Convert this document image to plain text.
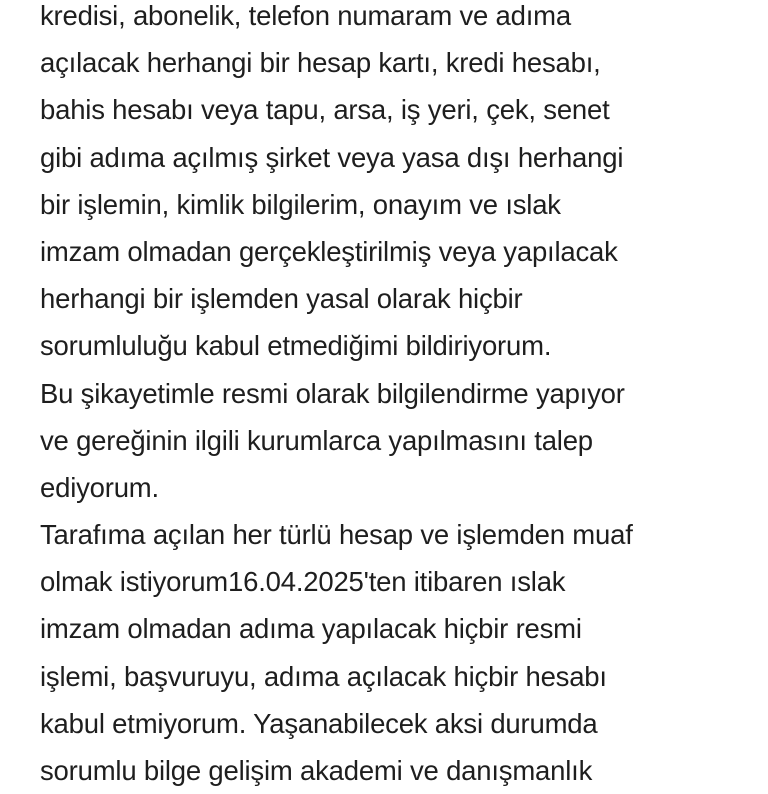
kredisi, abonelik, telefon numaram ve adıma
açılacak herhangi bir hesap kartı, kredi hesabı,
bahis hesabı veya tapu, arsa, iş yeri, çek, senet
gibi adıma açılmış şirket veya yasa dışı herhangi
bir işlemin, kimlik bilgilerim, onayım ve ıslak
imzam olmadan gerçekleştirilmiş veya yapılacak
herhangi bir işlemden yasal olarak hiçbir
sorumluluğu kabul etmediğimi bildiriyorum.
Bu şikayetimle resmi olarak bilgilendirme yapıyor
ve gereğinin ilgili kurumlarca yapılmasını talep
ediyorum.
Tarafıma açılan her türlü hesap ve işlemden muaf
olmak istiyorum16.04.2025'ten itibaren ıslak
imzam olmadan adıma yapılacak hiçbir resmi
işlemi, başvuruyu, adıma açılacak hiçbir hesabı
kabul etmiyorum. Yaşanabilecek aksi durumda
sorumlu bilge gelişim akademi ve danışmanlık
